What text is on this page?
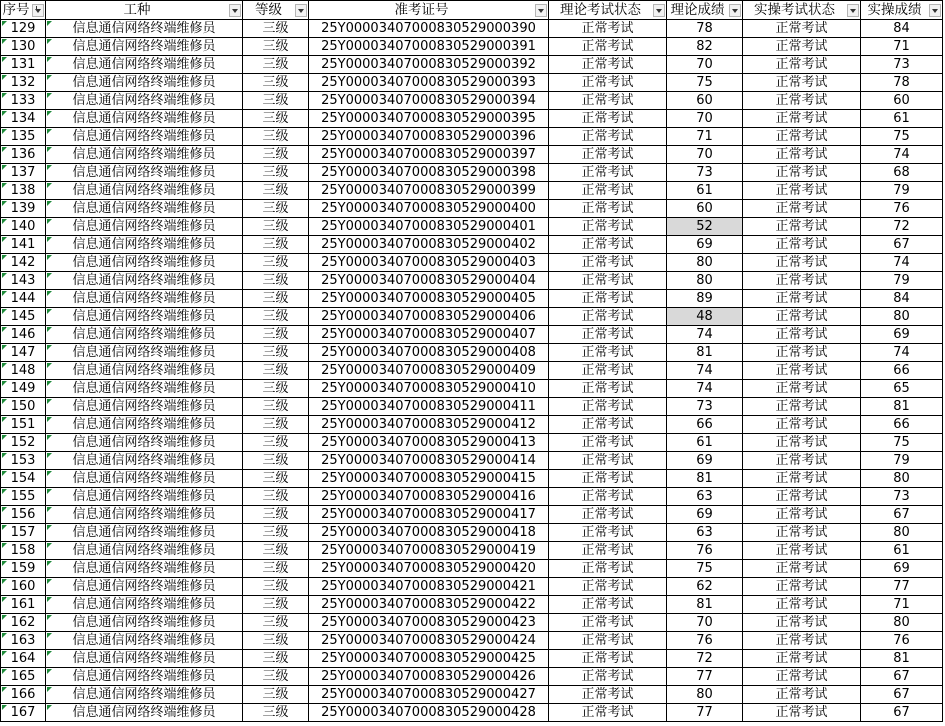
序号	工种	等级	准考证号	理论考试状态	理论成绩	实操考试状态	实操成绩
129	信息通信网络终端维修员	三级	25Y00003407000830529000390	正常考试	78	正常考试	84
130	信息通信网络终端维修员	三级	25Y00003407000830529000391	正常考试	82	正常考试	71
131	信息通信网络终端维修员	三级	25Y00003407000830529000392	正常考试	70	正常考试	73
132	信息通信网络终端维修员	三级	25Y00003407000830529000393	正常考试	75	正常考试	78
133	信息通信网络终端维修员	三级	25Y00003407000830529000394	正常考试	60	正常考试	60
134	信息通信网络终端维修员	三级	25Y00003407000830529000395	正常考试	70	正常考试	61
135	信息通信网络终端维修员	三级	25Y00003407000830529000396	正常考试	71	正常考试	75
136	信息通信网络终端维修员	三级	25Y00003407000830529000397	正常考试	70	正常考试	74
137	信息通信网络终端维修员	三级	25Y00003407000830529000398	正常考试	73	正常考试	68
138	信息通信网络终端维修员	三级	25Y00003407000830529000399	正常考试	61	正常考试	79
139	信息通信网络终端维修员	三级	25Y00003407000830529000400	正常考试	60	正常考试	76
140	信息通信网络终端维修员	三级	25Y00003407000830529000401	正常考试	52	正常考试	72
141	信息通信网络终端维修员	三级	25Y00003407000830529000402	正常考试	69	正常考试	67
142	信息通信网络终端维修员	三级	25Y00003407000830529000403	正常考试	80	正常考试	74
143	信息通信网络终端维修员	三级	25Y00003407000830529000404	正常考试	80	正常考试	79
144	信息通信网络终端维修员	三级	25Y00003407000830529000405	正常考试	89	正常考试	84
145	信息通信网络终端维修员	三级	25Y00003407000830529000406	正常考试	48	正常考试	80
146	信息通信网络终端维修员	三级	25Y00003407000830529000407	正常考试	74	正常考试	69
147	信息通信网络终端维修员	三级	25Y00003407000830529000408	正常考试	81	正常考试	74
148	信息通信网络终端维修员	三级	25Y00003407000830529000409	正常考试	74	正常考试	66
149	信息通信网络终端维修员	三级	25Y00003407000830529000410	正常考试	74	正常考试	65
150	信息通信网络终端维修员	三级	25Y00003407000830529000411	正常考试	73	正常考试	81
151	信息通信网络终端维修员	三级	25Y00003407000830529000412	正常考试	66	正常考试	66
152	信息通信网络终端维修员	三级	25Y00003407000830529000413	正常考试	61	正常考试	75
153	信息通信网络终端维修员	三级	25Y00003407000830529000414	正常考试	69	正常考试	79
154	信息通信网络终端维修员	三级	25Y00003407000830529000415	正常考试	81	正常考试	80
155	信息通信网络终端维修员	三级	25Y00003407000830529000416	正常考试	63	正常考试	73
156	信息通信网络终端维修员	三级	25Y00003407000830529000417	正常考试	69	正常考试	67
157	信息通信网络终端维修员	三级	25Y00003407000830529000418	正常考试	63	正常考试	80
158	信息通信网络终端维修员	三级	25Y00003407000830529000419	正常考试	76	正常考试	61
159	信息通信网络终端维修员	三级	25Y00003407000830529000420	正常考试	75	正常考试	69
160	信息通信网络终端维修员	三级	25Y00003407000830529000421	正常考试	62	正常考试	77
161	信息通信网络终端维修员	三级	25Y00003407000830529000422	正常考试	81	正常考试	71
162	信息通信网络终端维修员	三级	25Y00003407000830529000423	正常考试	70	正常考试	80
163	信息通信网络终端维修员	三级	25Y00003407000830529000424	正常考试	76	正常考试	76
164	信息通信网络终端维修员	三级	25Y00003407000830529000425	正常考试	72	正常考试	81
165	信息通信网络终端维修员	三级	25Y00003407000830529000426	正常考试	77	正常考试	67
166	信息通信网络终端维修员	三级	25Y00003407000830529000427	正常考试	80	正常考试	67
167	信息通信网络终端维修员	三级	25Y00003407000830529000428	正常考试	77	正常考试	67
